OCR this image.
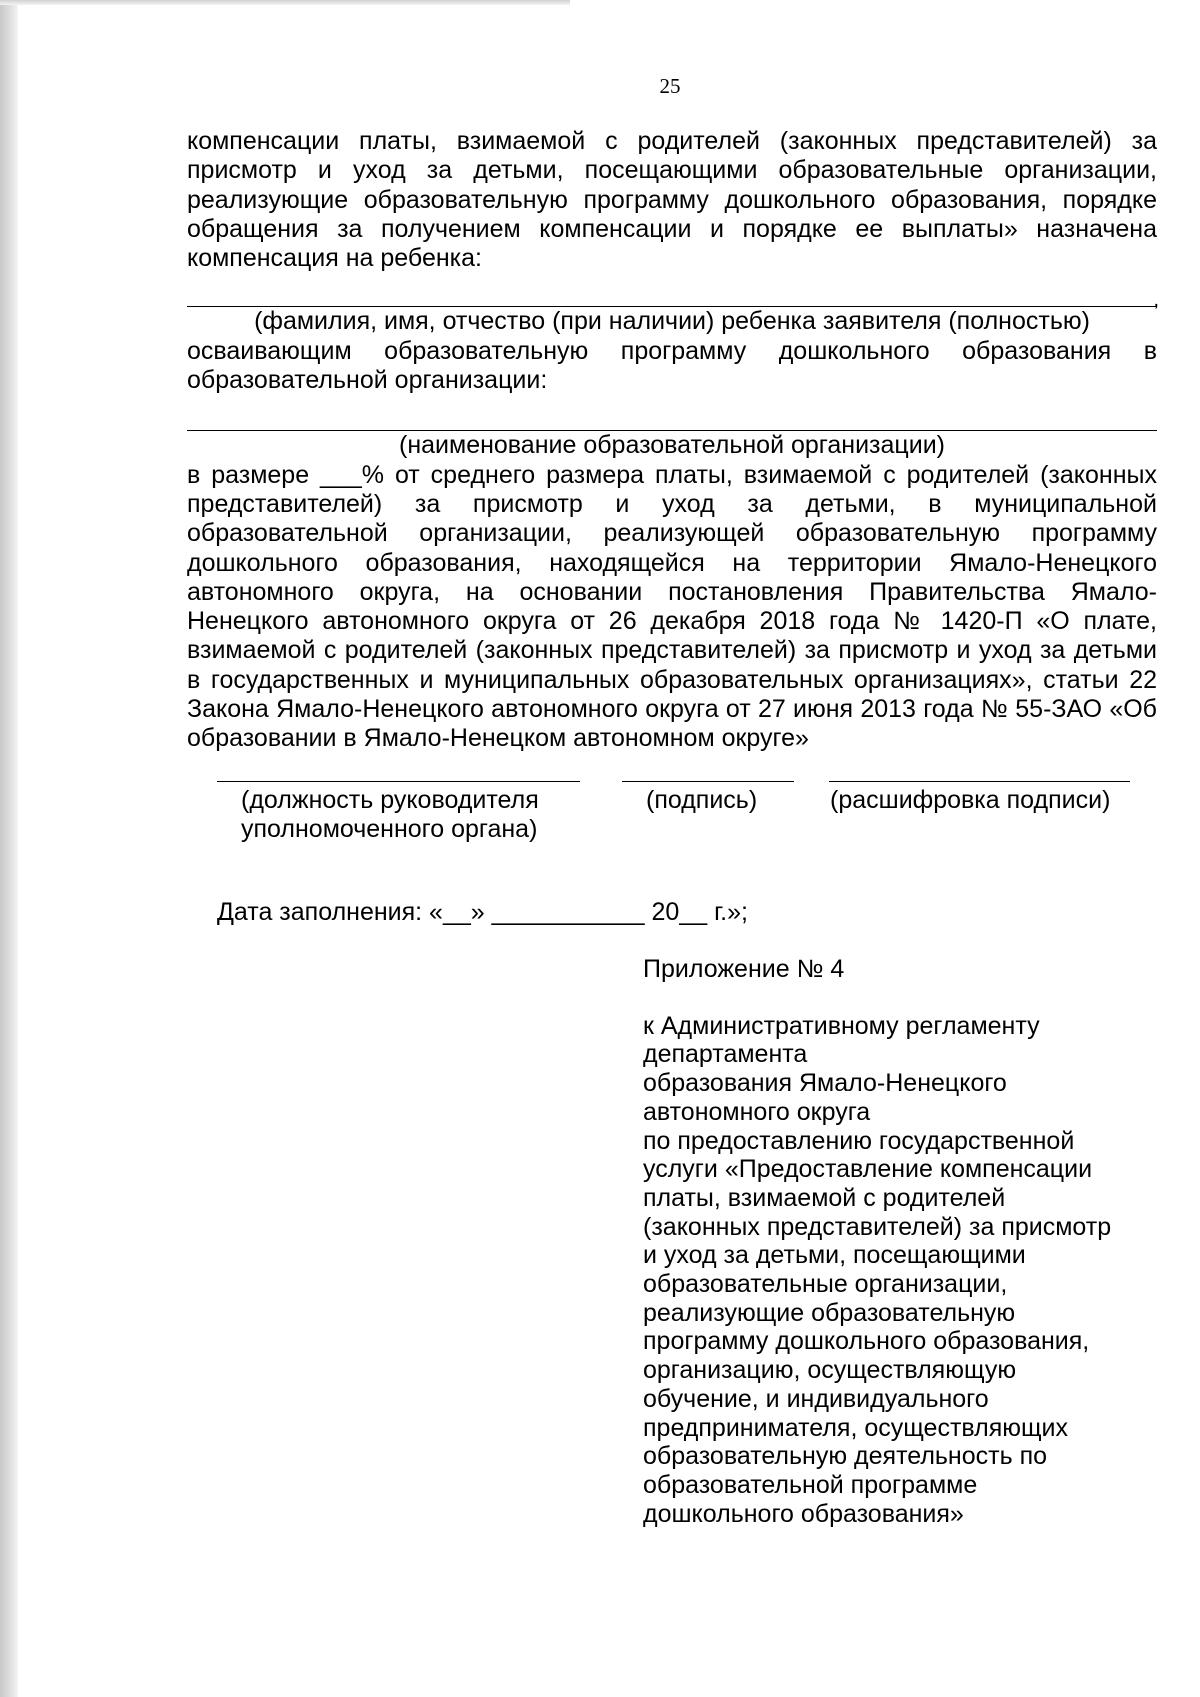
25
компенсации платы, взимаемой с родителей (законных представителей) за присмотр и уход за детьми, посещающими образовательные организации, реализующие образовательную программу дошкольного образования, порядке обращения за получением компенсации и порядке ее выплаты» назначена компенсация на ребенка:
,
(фамилия, имя, отчество (при наличии) ребенка заявителя (полностью)
осваивающим образовательную программу дошкольного образования в образовательной организации:
(наименование образовательной организации)
в размере ___% от среднего размера платы, взимаемой с родителей (законных представителей) за присмотр и уход за детьми, в муниципальной образовательной организации, реализующей образовательную программу дошкольного образования, находящейся на территории Ямало-Ненецкого автономного округа, на основании постановления Правительства Ямало-Ненецкого автономного округа от 26 декабря 2018 года № 1420-П «О плате, взимаемой с родителей (законных представителей) за присмотр и уход за детьми в государственных и муниципальных образовательных организациях», статьи 22 Закона Ямало-Ненецкого автономного округа от 27 июня 2013 года № 55-ЗАО «Об образовании в Ямало-Ненецком автономном округе»
(должность руководителя уполномоченного органа)
(подпись)	(расшифровка подписи)
Дата заполнения: «__» ___________ 20__ г.»;
Приложение № 4
к Административному регламенту
департамента
образования Ямало-Ненецкого
автономного округа
по предоставлению государственной
услуги «Предоставление компенсации
платы, взимаемой с родителей
(законных представителей) за присмотр
и уход за детьми, посещающими
образовательные организации,
реализующие образовательную
программу дошкольного образования,
организацию, осуществляющую
обучение, и индивидуального
предпринимателя, осуществляющих
образовательную деятельность по
образовательной программе
дошкольного образования»
